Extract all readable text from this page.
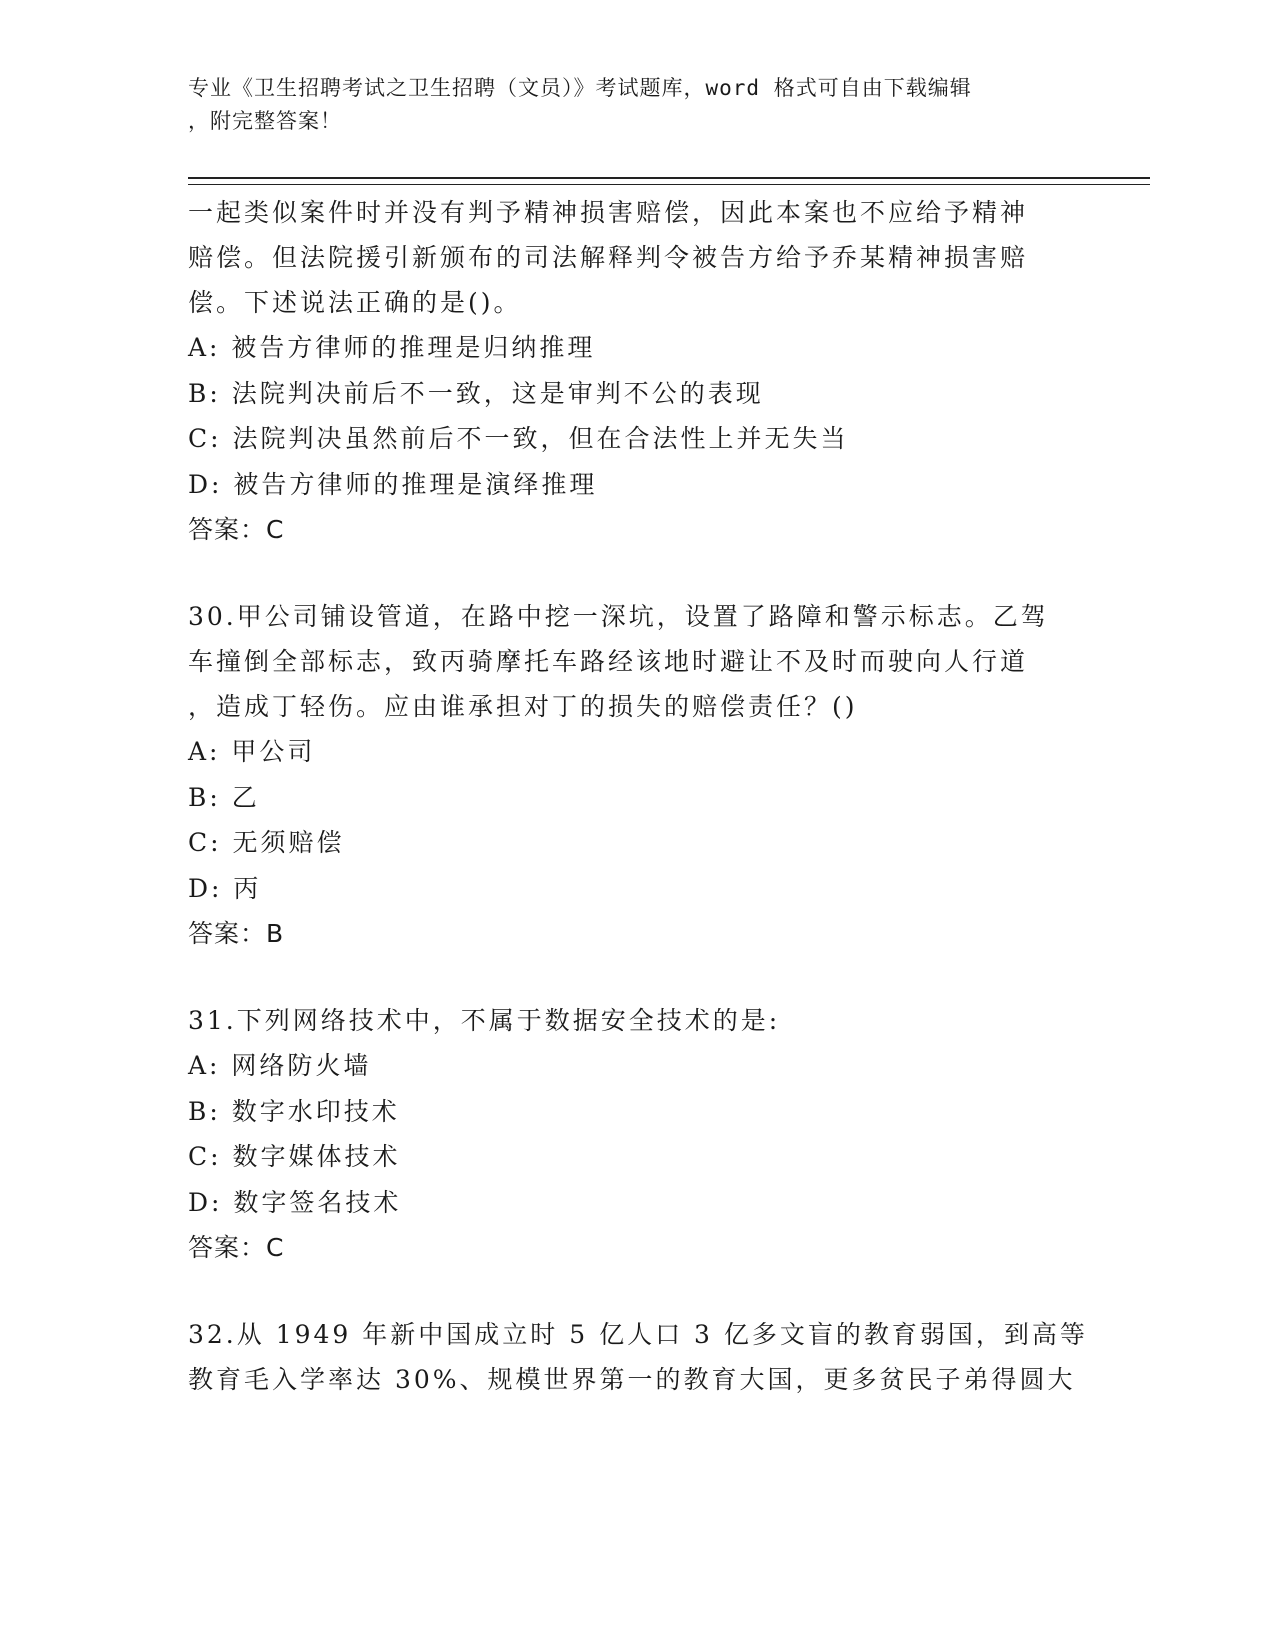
专业《卫生招聘考试之卫生招聘（文员）》考试题库，word 格式可自由下载编辑
，附完整答案！
一起类似案件时并没有判予精神损害赔偿，因此本案也不应给予精神
赔偿。但法院援引新颁布的司法解释判令被告方给予乔某精神损害赔
偿。下述说法正确的是()。
A: 被告方律师的推理是归纳推理
B: 法院判决前后不一致，这是审判不公的表现
C: 法院判决虽然前后不一致，但在合法性上并无失当
D: 被告方律师的推理是演绎推理
答案：C
30.甲公司铺设管道，在路中挖一深坑，设置了路障和警示标志。乙驾
车撞倒全部标志，致丙骑摩托车路经该地时避让不及时而驶向人行道
，造成丁轻伤。应由谁承担对丁的损失的赔偿责任？()
A: 甲公司
B: 乙
C: 无须赔偿
D: 丙
答案：B
31.下列网络技术中，不属于数据安全技术的是:
A: 网络防火墙
B: 数字水印技术
C: 数字媒体技术
D: 数字签名技术
答案：C
32.从 1949 年新中国成立时 5 亿人口 3 亿多文盲的教育弱国，到高等
教育毛入学率达 30%、规模世界第一的教育大国，更多贫民子弟得圆大
